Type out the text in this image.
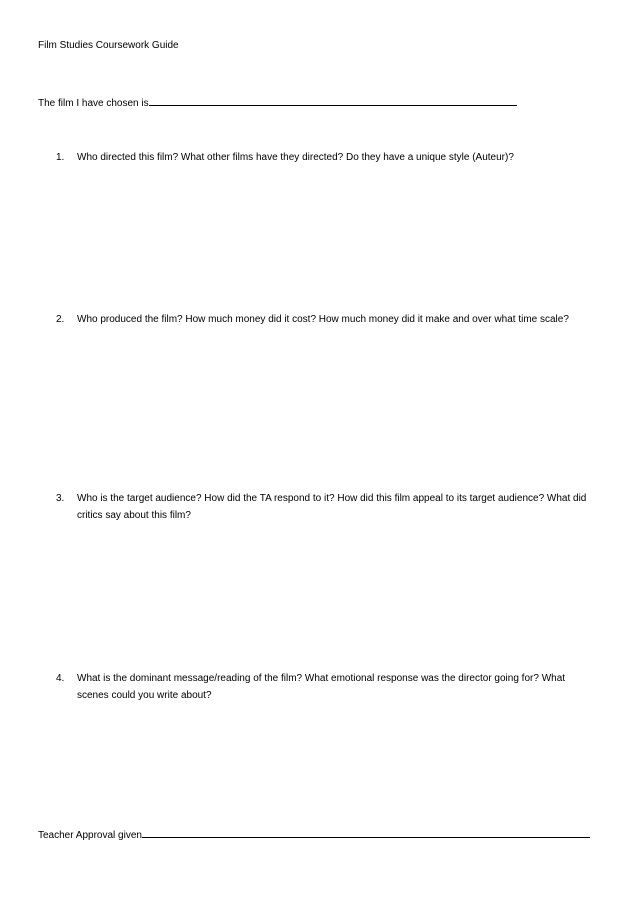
Film Studies Coursework Guide
The film I have chosen is
1. Who directed this film? What other films have they directed? Do they have a unique style (Auteur)?
2. Who produced the film? How much money did it cost? How much money did it make and over what time scale?
3. Who is the target audience? How did the TA respond to it? How did this film appeal to its target audience? What did critics say about this film?
4. What is the dominant message/reading of the film? What emotional response was the director going for? What scenes could you write about?
Teacher Approval given
